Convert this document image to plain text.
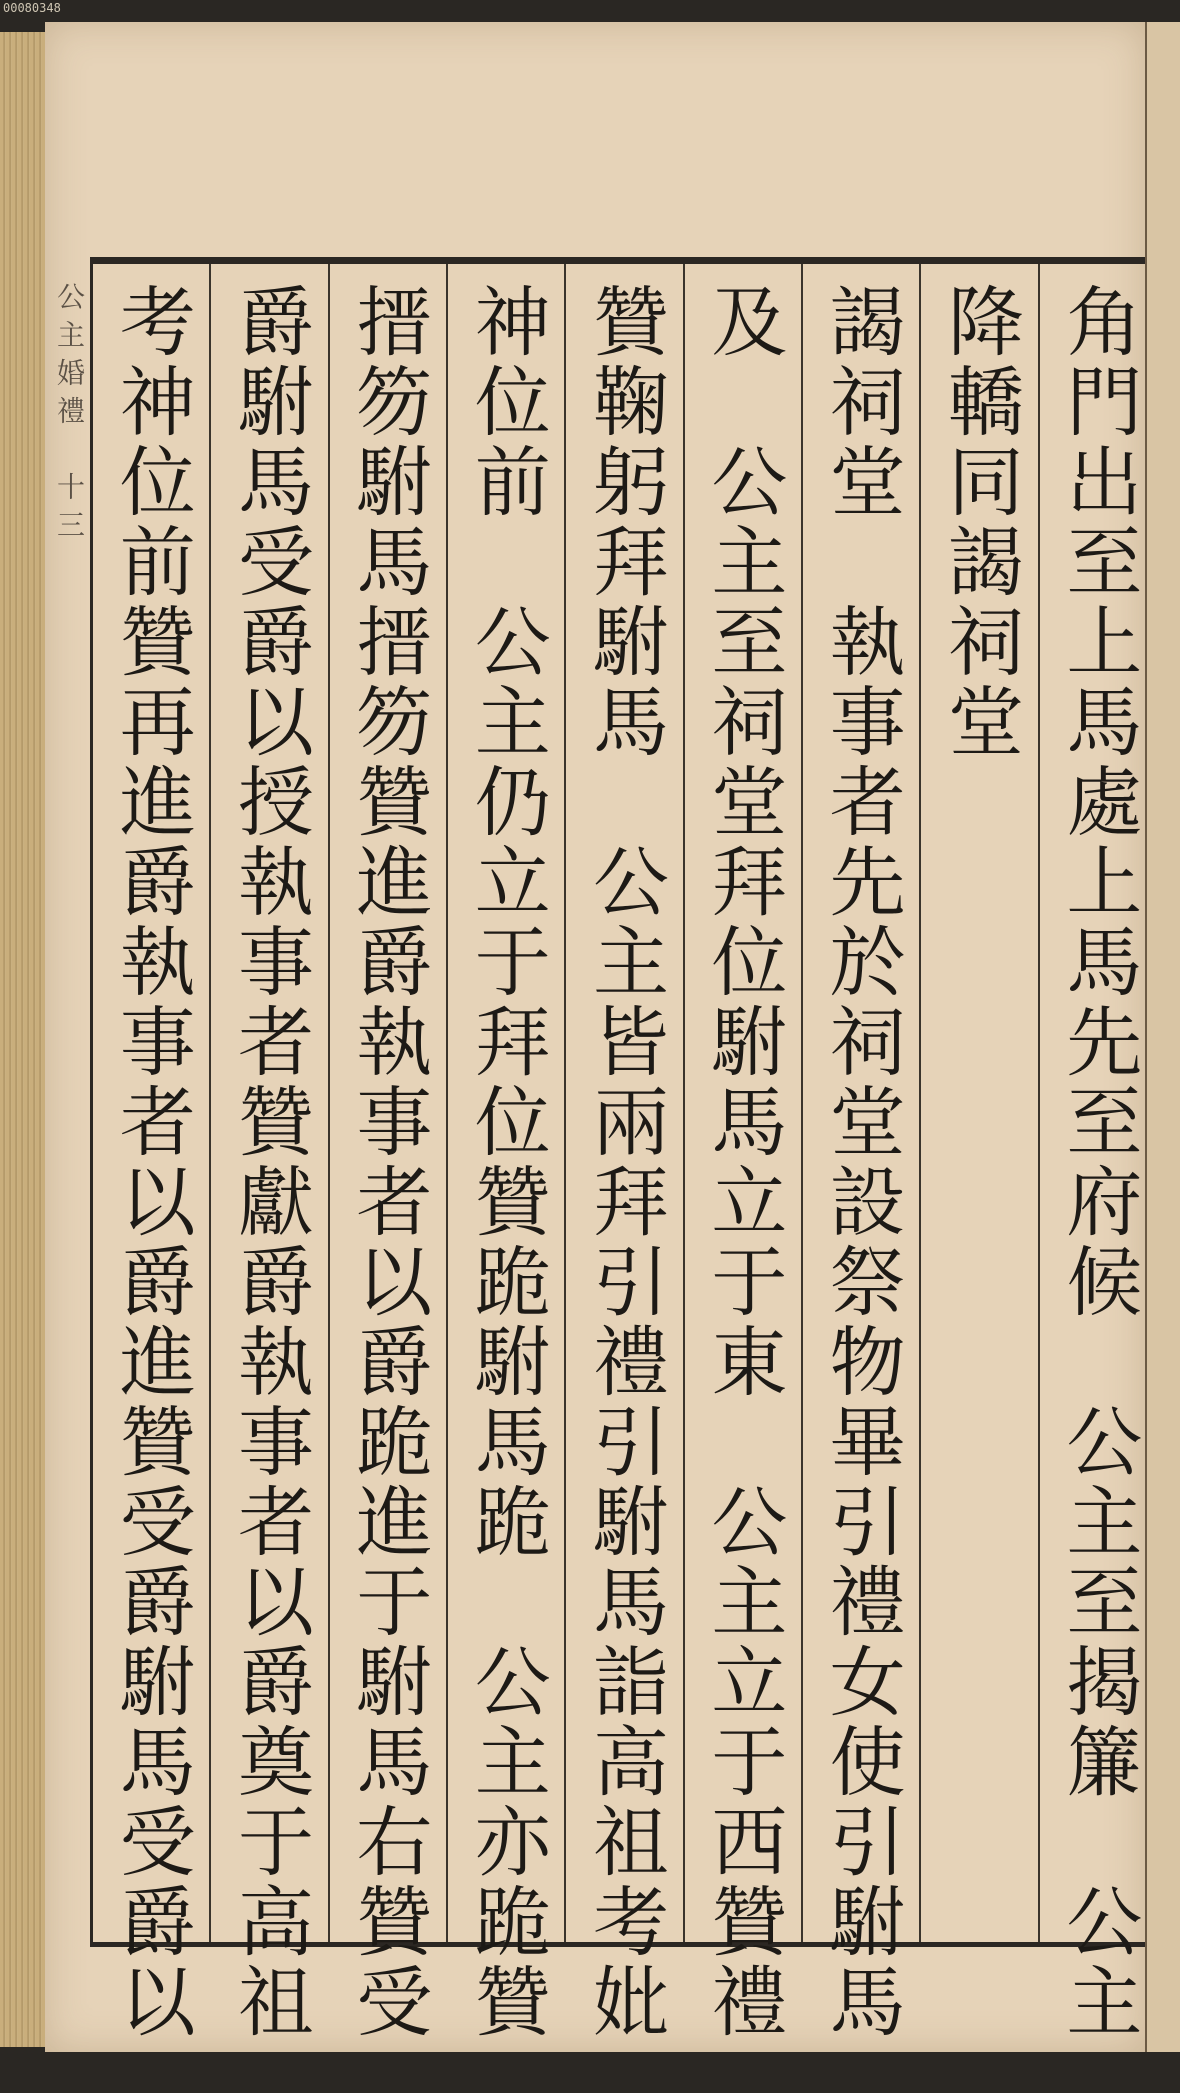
00080348
公主婚禮　十三	角門出至上馬處上馬先至府候　公主至揭簾　公主
降轎同謁祠堂
謁祠堂　執事者先於祠堂設祭物畢引禮女使引駙馬
及　公主至祠堂拜位駙馬立于東　公主立于西贊禮
贊鞠躬拜駙馬　公主皆兩拜引禮引駙馬詣高祖考妣
神位前　公主仍立于拜位贊跪駙馬跪　公主亦跪贊
搢笏駙馬搢笏贊進爵執事者以爵跪進于駙馬右贊受
爵駙馬受爵以授執事者贊獻爵執事者以爵奠于高祖
考神位前贊再進爵執事者以爵進贊受爵駙馬受爵以
